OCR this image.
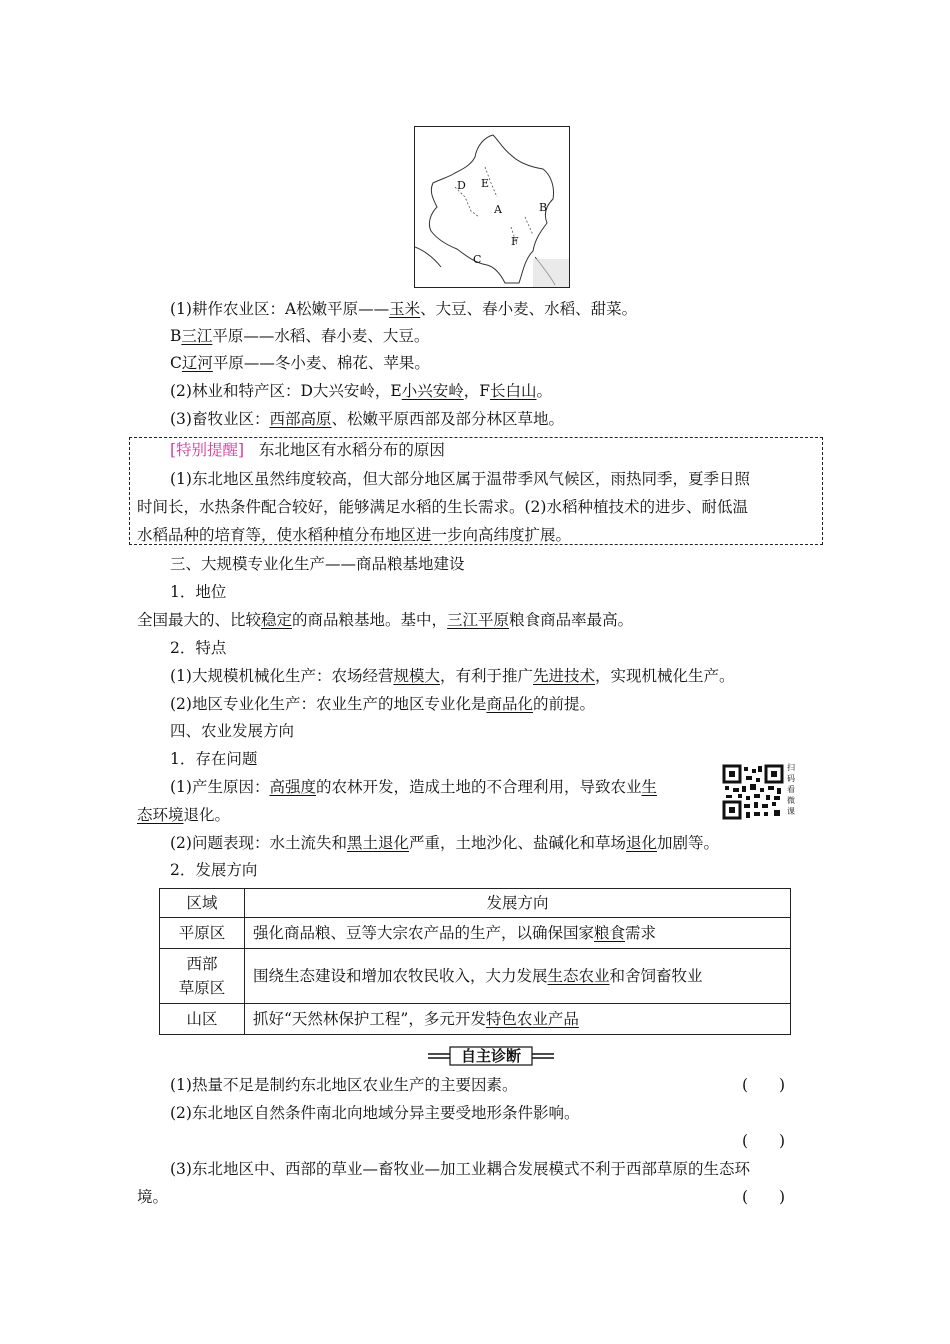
D E
A	B
F
C
(1)耕作农业区：A松嫩平原——玉米、大豆、春小麦、水稻、甜菜。
B三江平原——水稻、春小麦、大豆。
C辽河平原——冬小麦、棉花、苹果。
(2)林业和特产区：D大兴安岭，E小兴安岭，F长白山。
(3)畜牧业区：西部高原、松嫩平原西部及部分林区草地。
[特别提醒] 东北地区有水稻分布的原因
(1)东北地区虽然纬度较高，但大部分地区属于温带季风气候区，雨热同季，夏季日照
时间长，水热条件配合较好，能够满足水稻的生长需求。(2)水稻种植技术的进步、耐低温
水稻品种的培育等，使水稻种植分布地区进一步向高纬度扩展。
三、大规模专业化生产——商品粮基地建设
1．地位
全国最大的、比较稳定的商品粮基地。基中，三江平原粮食商品率最高。
2．特点
(1)大规模机械化生产：农场经营规模大，有利于推广先进技术，实现机械化生产。
(2)地区专业化生产：农业生产的地区专业化是商品化的前提。
四、农业发展方向
1．存在问题
(1)产生原因：高强度的农林开发，造成土地的不合理利用，导致农业生
态环境退化。
扫码看微课
(2)问题表现：水土流失和黑土退化严重，土地沙化、盐碱化和草场退化加剧等。
2．发展方向
区域	发展方向
平原区	强化商品粮、豆等大宗农产品的生产，以确保国家粮食需求
西部
草原区	围绕生态建设和增加农牧民收入，大力发展生态农业和舍饲畜牧业
山区	抓好“天然林保护工程”，多元开发特色农业产品
自主诊断
(1)热量不足是制约东北地区农业生产的主要因素。	(　　)
(2)东北地区自然条件南北向地域分异主要受地形条件影响。
(　　)
(3)东北地区中、西部的草业—畜牧业—加工业耦合发展模式不利于西部草原的生态环
境。	(　　)
